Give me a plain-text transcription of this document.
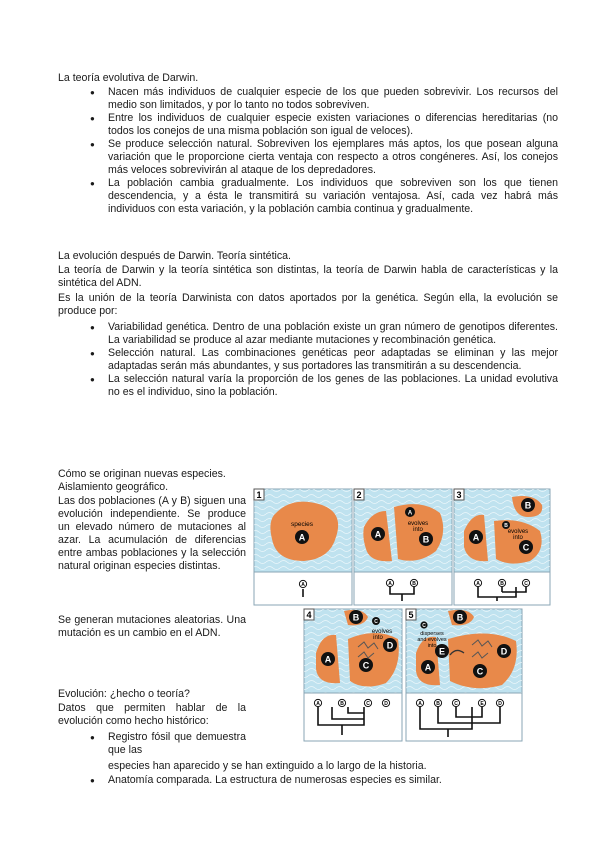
La teoría evolutiva de Darwin.
● Nacen más individuos de cualquier especie de los que pueden sobrevivir. Los recursos del medio son limitados, y por lo tanto no todos sobreviven.
● Entre los individuos de cualquier especie existen variaciones o diferencias hereditarias (no todos los conejos de una misma población son igual de veloces).
● Se produce selección natural. Sobreviven los ejemplares más aptos, los que posean alguna variación que le proporcione cierta ventaja con respecto a otros congéneres. Así, los conejos más veloces sobrevivirán al ataque de los depredadores.
● La población cambia gradualmente. Los individuos que sobreviven son los que tienen descendencia, y a ésta le transmitirá su variación ventajosa. Así, cada vez habrá más individuos con esta variación, y la población cambia continua y gradualmente.
La evolución después de Darwin. Teoría sintética.
La teoría de Darwin y la teoría sintética son distintas, la teoría de Darwin habla de características y la sintética del ADN.
Es la unión de la teoría Darwinista con datos aportados por la genética. Según ella, la evolución se produce por:
● Variabilidad genética. Dentro de una población existe un gran número de genotipos diferentes. La variabilidad se produce al azar mediante mutaciones y recombinación genética.
● Selección natural. Las combinaciones genéticas peor adaptadas se eliminan y las mejor adaptadas serán más abundantes, y sus portadores las transmitirán a su descendencia.
● La selección natural varía la proporción de los genes de las poblaciones. La unidad evolutiva no es el individuo, sino la población.
Cómo se originan nuevas especies.
Aislamiento geográfico.
Las dos poblaciones (A y B) siguen una evolución independiente. Se produce un elevado número de mutaciones al azar. La acumulación de diferencias entre ambas poblaciones y la selección natural originan especies distintas.
Se generan mutaciones aleatorias. Una mutación es un cambio en el ADN.
Evolución: ¿hecho o teoría?
Datos que permiten hablar de la evolución como hecho histórico:
Registro fósil que demuestra que las
●
especies han aparecido y se han extinguido a lo largo de la historia.
● Anatomía comparada. La estructura de numerosas especies es similar.
1
species
A
A
2
A
A
evolves
into
B
A	B
3
B
A
B
evolves
into
C
A	B	C
4	B
A
C
evolves
into
D
C
A	B	C	D
5	B
C
disperses
and evolves
into
A
E	D
C
A	B	C	E	D
